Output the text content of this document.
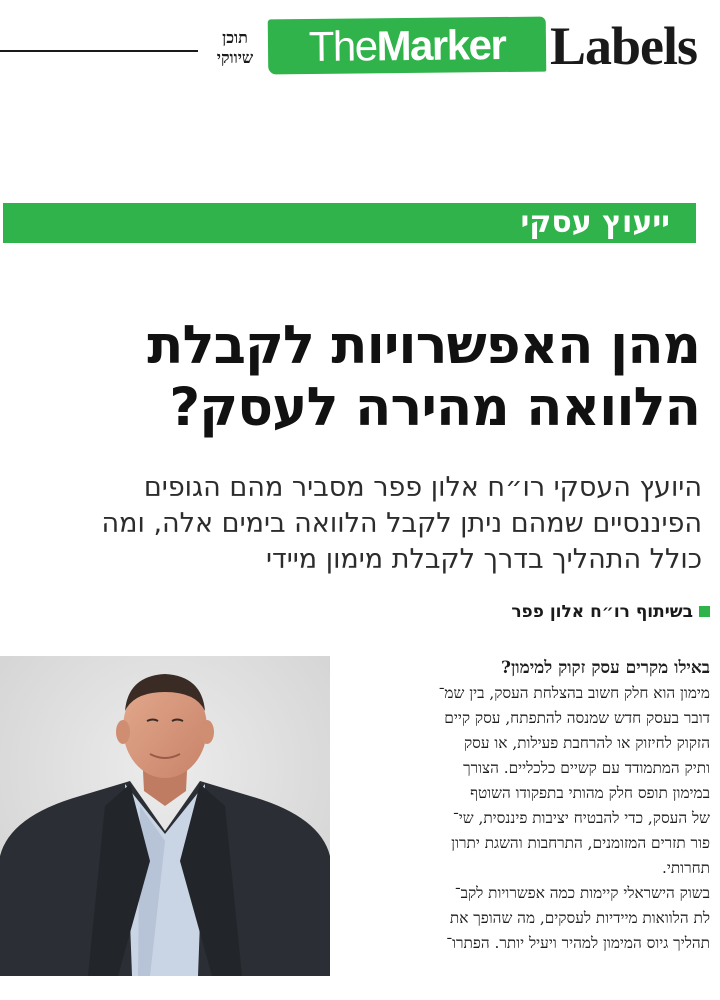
תוכן
שיווקי	TheMarker Labels
ייעוץ עסקי
מהן האפשרויות לקבלת
הלוואה מהירה לעסק?

היועץ העסקי רו״ח אלון פפר מסביר מהם הגופים
הפיננסיים שמהם ניתן לקבל הלוואה בימים אלה, ומה
כולל התהליך בדרך לקבלת מימון מיידי

בשיתוף רו״ח אלון פפר

באילו מקרים עסק זקוק למימון?

מימון הוא חלק חשוב בהצלחת העסק, בין שמ־
דובר בעסק חדש שמנסה להתפתח, עסק קיים
הזקוק לחיזוק או להרחבת פעילות, או עסק
ותיק המתמודד עם קשיים כלכליים. הצורך
במימון תופס חלק מהותי בתפקודו השוטף
של העסק, כדי להבטיח יציבות פיננסית, שי־
פור תזרים המזומנים, התרחבות והשגת יתרון
תחרותי.
בשוק הישראלי קיימות כמה אפשרויות לקב־
לת הלוואות מיידיות לעסקים, מה שהופך את
תהליך גיוס המימון למהיר ויעיל יותר. הפתרו־
